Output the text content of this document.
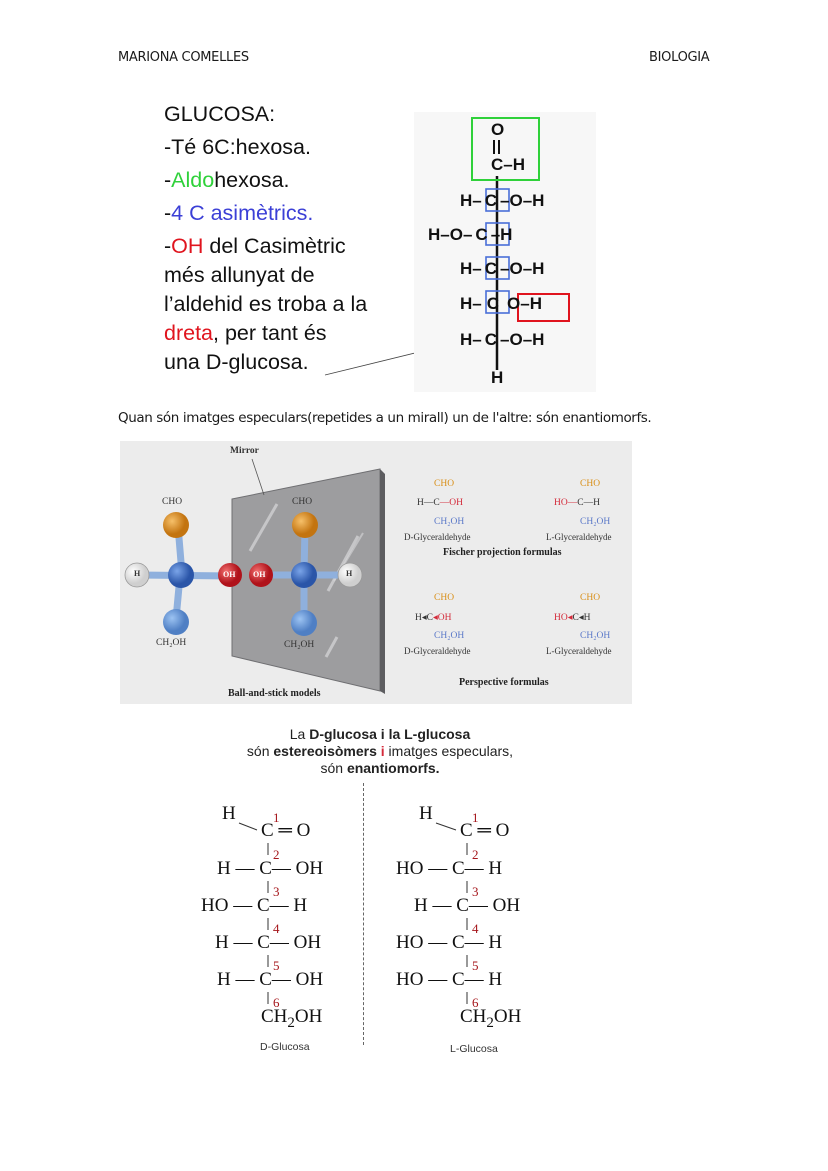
MARIONA COMELLES	BIOLOGIA
GLUCOSA:
-Té 6C:hexosa.
-Aldohexosa.
-4 C asimètrics.
-OH del Casimètric
més allunyat de
l’aldehid es troba a la
dreta, per tant és
una D-glucosa.
O
C–H
H– C –O–H
H–O– C –H
H– C –O–H
H– C O–H
H– C –O–H
H
Quan són imatges especulars(repetides a un mirall) un de l'altre: són enantiomorfs.
Mirror
CHO
H	OH
CH₂OH
CHO
OH	H
CH₂OH
Ball-and-stick models
CHO
H—C—OH
CH₂OH
D-Glyceraldehyde
CHO
HO—C—H
CH₂OH
L-Glyceraldehyde
Fischer projection formulas
CHO
H◂C◂OH
CH₂OH
D-Glyceraldehyde
CHO
HO◂C◂H
CH₂OH
L-Glyceraldehyde
Perspective formulas
La D-glucosa i la L-glucosa
són estereoisòmers i imatges especulars,
són enantiomorfs.
H	1
C ═ O
2
H — C— OH
3
HO — C— H
4
H — C— OH
5
H — C— OH
6
$CH_2OH$
D-Glucosa
H	1
C ═ O
2
HO — C— H
3
H — C— OH
4
HO — C— H
5
HO — C— H
6
$CH_2OH$
L-Glucosa
